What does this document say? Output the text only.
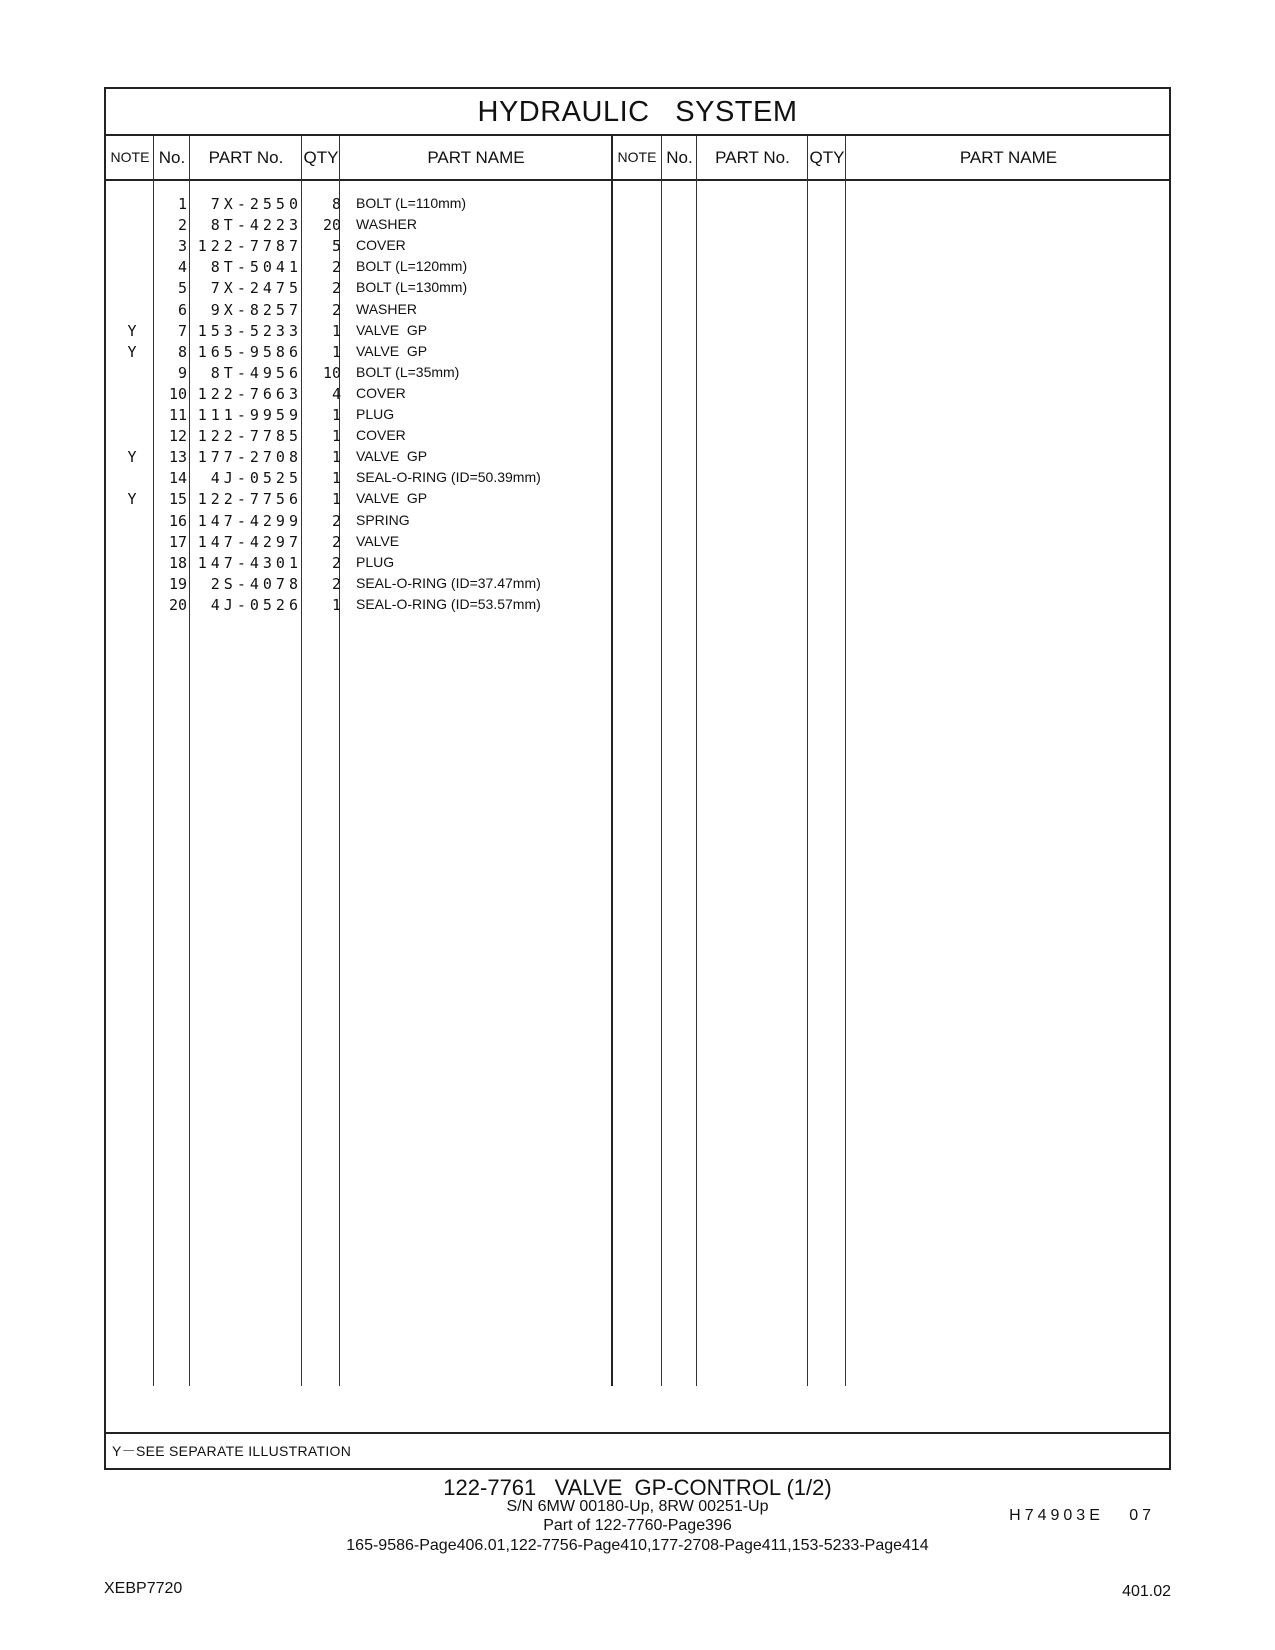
HYDRAULIC   SYSTEM
NOTE No.	PART No.	QTY	PART NAME	NOTE No.	PART No.	QTY	PART NAME
1	7X-2550	8 BOLT (L=110mm)
2	8T-4223	20 WASHER
3 122-7787	5 COVER
4	8T-5041	2 BOLT (L=120mm)
5	7X-2475	2 BOLT (L=130mm)
6	9X-8257	2 WASHER
Y	7 153-5233	1 VALVE  GP
Y	8 165-9586	1 VALVE  GP
9	8T-4956	10 BOLT (L=35mm)
10 122-7663	4 COVER
11 111-9959	1 PLUG
12 122-7785	1 COVER
Y	13 177-2708	1 VALVE  GP
14	4J-0525	1 SEAL-O-RING (ID=50.39mm)
Y	15 122-7756	1 VALVE  GP
16 147-4299	2 SPRING
17 147-4297	2 VALVE
18 147-4301	2 PLUG
19	2S-4078	2 SEAL-O-RING (ID=37.47mm)
20	4J-0526	1 SEAL-O-RING (ID=53.57mm)
Y－SEE SEPARATE ILLUSTRATION
H74903E   07
122-7761   VALVE  GP-CONTROL (1/2)
S/N 6MW 00180-Up, 8RW 00251-Up
Part of 122-7760-Page396
165-9586-Page406.01,122-7756-Page410,177-2708-Page411,153-5233-Page414
XEBP7720	401.02
